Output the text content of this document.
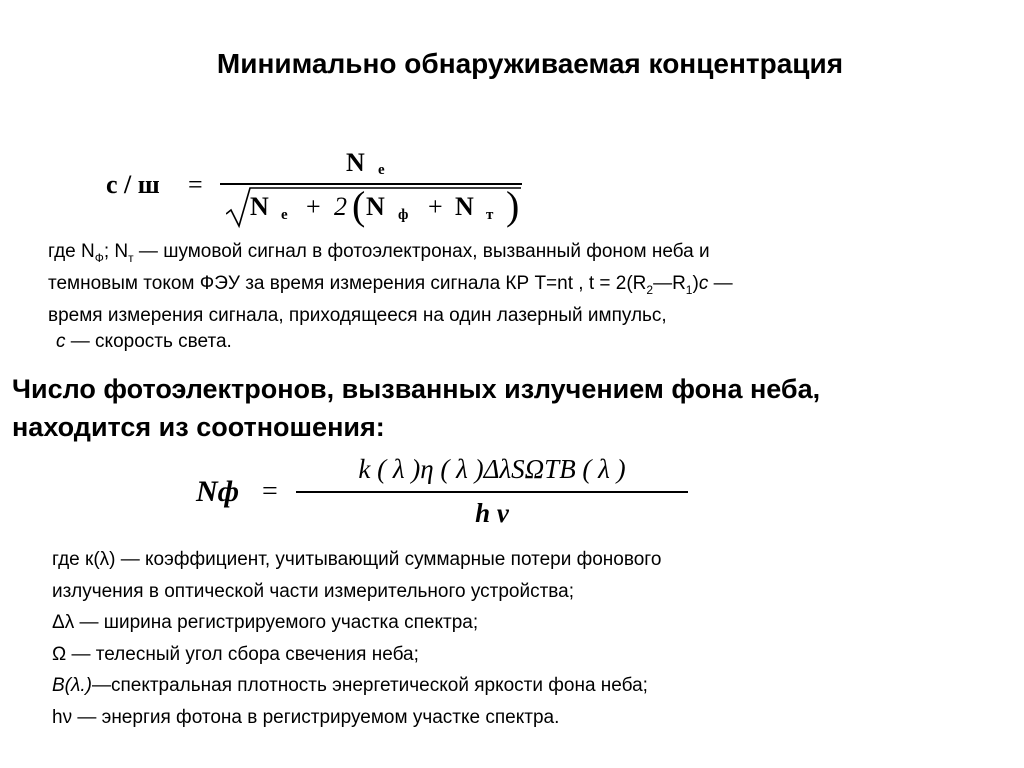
Минимально обнаруживаемая концентрация
c / ш =
N e
N e + 2 ( N ф + N т )
где $N_Ф$; $N_т$ — шумовой сигнал в фотоэлектронах, вызванный фоном неба и
темновым током ФЭУ за время измерения сигнала КР T=nt , $t = 2(R_2—R_1)c$ —
время измерения сигнала, приходящееся на один лазерный импульс,
c — скорость света.
Число фотоэлектронов, вызванных излучением фона неба, находится из соотношения:
Nф =
k ( λ )η ( λ )ΔλSΩTB ( λ )
h ν
где к(λ) — коэффициент, учитывающий суммарные потери фонового
излучения в оптической части измерительного устройства;
Δλ — ширина регистрируемого участка спектра;
Ω — телесный угол сбора свечения неба;
B(λ.)—спектральная плотность энергетической яркости фона неба;
hν — энергия фотона в регистрируемом участке спектра.
